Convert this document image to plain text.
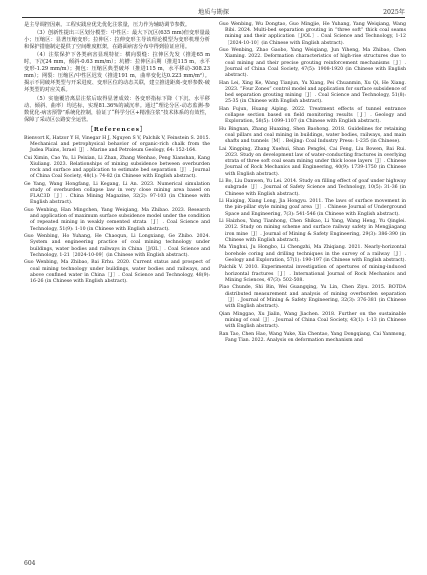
地质与勘探	2025年

是主导调控因素。工程实践应优先优化注浆量，压力作为辅助调节参数。

（3）创新性提出三区划分模型：中性区：最大下沉区(635 mm)但变形量最小；压缩区：显著压缩变形；拉伸区：拉伸变形主导该理论模型为变形机理分析和保护措施制定提供了空间维度框架，在路面病害分布中得到验证应用。

（4）注浆保护下各类病害显现特征：横向裂缝：拉伸区先发（推进65 m时，下沉24 mm，倾斜-0.63 mm/m）；坑槽：拉伸区后期（推进115 m，水平变形-1.29 mm/m）；拥包：压缩区典型破坏（推进115 m，水平移动-308.23 mm）；网裂：压缩区/中性区迟发（推进191 m，曲率变化达0.223 mm/m²）。揭示不同破坏类型与开采进度、变形区位的动态关联，建立推进距离-变形参数-破坏类型的对应关系。

（5）实施覆岩离层注浆后取得显著成效：各变形指标下降（下沉、水平移动、倾斜、曲率）均达标，实现81.36%的减沉率。通过“理论分区-动态监测-参数优化-病害预警”系统化控制，验证了“科学分区+精准注浆”技术体系的有效性，保障了采动区公路安全运营。

［References］

Bienvort K, Hatzor Y H, Vinegar H J, Nguyen S V, Palchik V, Feinstein S. 2015. Mechanical and petrophysical behavior of organic-rich chalk from the Judea Plains, Israel［J］. Marine and Petroleum Geology, 64: 152-164.

Cui Ximin, Cao Yu, Li Peixian, Li Zhan, Zhang Wenhao, Peng Xianshan, Kang Xiuliang. 2023. Relationships of mining subsidence between overburden rock and surface and application to estimate bed separation［J］. Journal of China Coal Society, 48(1): 74-82 (in Chinese with English abstract).

Ge Yang, Wang Hongfang, Li Kegang, Li An. 2023. Numerical simulation study of overburden collapse law in very close mining area based on FLAC3D［J］. China Mining Magazine, 32(2): 97-103 (in Chinese with English abstract).

Guo Wenbing, Han Mingchen, Yang Weiqiang, Ma Zhibao. 2023. Research and application of maximum surface subsidence model under the condition of repeated mining in weakly cemented strata［J］. Coal Science and Technology, 51(9): 1-10 (in Chinese with English abstract).

Guo Wenbing, Ho Yuhang, He Chaoqun, Li Longxiang, Ge Zhibo. 2024. System and engineering practice of coal mining technology under buildings, water bodies and railways in China［J/OL］. Coal Science and Technology, 1-21［2024-10-09］(in Chinese with English abstract).

Guo Wenbing, Ma Zhibao, Bai Erhu. 2020. Current status and prospect of coal mining technology under buildings, water bodies and railways, and above confined water in China［J］. Coal Science and Technology, 48(9): 16-26 (in Chinese with English abstract).

Guo Wenbing, Wu Dongtao, Guo Mingjie, He Yuhang, Yang Weiqiang, Wang Bibi. 2024. Multi-bed separation grouting in “three soft” thick coal seams mining and their application［J/OL］. Coal Science and Technology, 1-12［2024-10-10］(in Chinese with English abstract).

Guo Wenbing, Zhao Gaobo, Yang Weiqiang, Jun Yiheng, Ma Zhibao, Chen Xiaming. 2022. Deformation characteristics of high-rise structures due to coal mining and their precise grouting reinforcement mechanisms［J］. Journal of China Coal Society, 47(5): 1908-1920 (in Chinese with English abstract).

Han Lei, Xing Ke, Wang Tianjun, Yu Xiang, Pei Chuanmin, Xu Qi, He Xiang. 2023. “Four Zones” control model and application for surface subsidence of bed separation grouting mining［J］. Coal Science and Technology, 51(8): 25-35 (in Chinese with English abstract).

Han Fujun, Huang Aiping. 2022. Treatment effects of tunnel entrance collapse section based on field monitoring results［J］. Geology and Exploration, 58(5): 1099-1107 (in Chinese with English abstract).

Hu Bingnan, Zhang Huaxing, Shen Baohong. 2018. Guidelines for retaining coal pillars and coal mining in buildings, water bodies, railways, and main shafts and tunnels［M］. Beijing: Coal Industry Press: 1-235 (in Chinese).

Lai Xingping, Zhang Xuehui, Shan Pengfei, Cai Feng, Liu Bowen, Bai Rui. 2023. Study on development law of water-conducting fractures in overlying strata of three soft coal seam mining under thick loose layers［J］. Chinese Journal of Rock Mechanics and Engineering, 40(9): 1739-1750 (in Chinese with English abstract).

Li Bo, Liu Danwen, Yu Lei. 2014. Study on filling effect of goaf under highway subgrade［J］. Journal of Safety Science and Technology, 10(5): 31-36 (in Chinese with English abstract).

Li Haiqing, Xiang Long, Jia Hongyu. 2011. The laws of surface movement in the pin-pillar style mining goaf area［J］. Chinese Journal of Underground Space and Engineering, 7(3): 541-546 (in Chinese with English abstract).

Li Haizhou, Yang Tianhong, Chen Shikao, Li Yang, Wang Heng, Yu Qinglei. 2012. Study on mining scheme and surface railway safety in Mengjiagang iron mine［J］. Journal of Mining & Safety Engineering, 29(3): 386-390 (in Chinese with English abstract).

Ma Yinghui, Ju Hongbo, Li Chengzhi, Ma Zhiqiang. 2021. Nearly-horizontal borehole coring and drilling techniques in the survey of a railway［J］. Geology and Exploration, 57(1): 190-197 (in Chinese with English abstract).

Palchik V. 2010. Experimental investigation of apertures of mining-induced horizontal fractures［J］. International Journal of Rock Mechanics and Mining Sciences, 47(3): 502-508.

Piao Chunde, Shi Bin, Wei Guangqing, Yu Lin, Chen Ziyu. 2015. BOTDA distributed measurement and analysis of mining overburden separation［J］. Journal of Mining & Safety Engineering, 32(3): 376-381 (in Chinese with English abstract).

Qian Minggao, Xu Jialin, Wang Jiachen. 2018. Further on the sustainable mining of coal［J］. Journal of China Coal Society, 43(1): 1-13 (in Chinese with English abstract).

Ran Tao, Chen Hao, Wang Yuke, Xia Chentao, Yang Dongqiang, Cai Yanmong, Fang Tian. 2022. Analysis on deformation mechanism and

604
